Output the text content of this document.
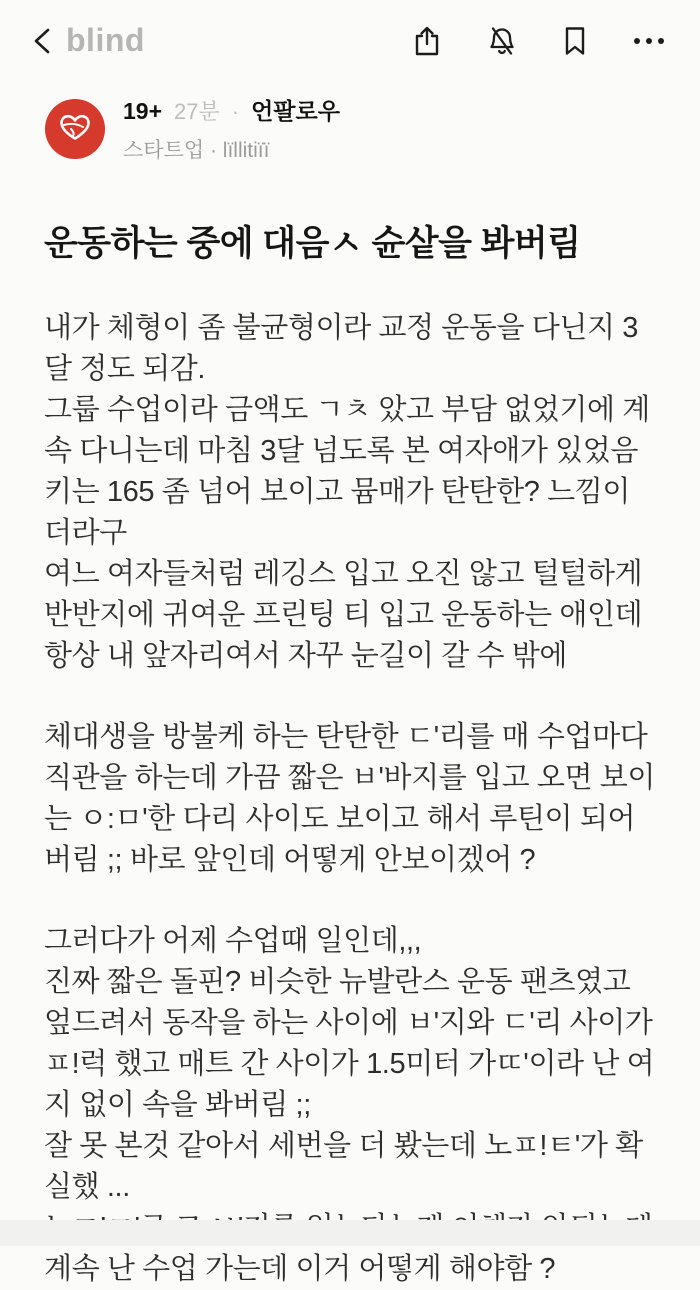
blind
19+ 27분 · 언팔로우
스타트업 · lïllitiïï
운동하는 중에 대음ㅅ 슌샅을 봐버림
내가 체형이 좀 불균형이라 교정 운동을 다닌지 3달 정도 되감.
그룹 수업이라 금액도 ㄱㅊ 았고 부담 없었기에 계속 다니는데 마침 3달 넘도록 본 여자애가 있었음
키는 165 좀 넘어 보이고 뮴매가 탄탄한? 느낌이더라구
여느 여자들처럼 레깅스 입고 오진 않고 털털하게 반반지에 귀여운 프린팅 티 입고 운동하는 애인데 항상 내 앞자리여서 자꾸 눈길이 갈 수 밖에
체대생을 방불케 하는 탄탄한 ㄷ'리를 매 수업마다 직관을 하는데 가끔 짧은 ㅂ'바지를 입고 오면 보이는 ㅇ:ㅁ'한 다리 사이도 보이고 해서 루틴이 되어버림 ;; 바로 앞인데 어떻게 안보이겠어 ?
그러다가 어제 수업때 일인데,,,
진짜 짧은 돌핀? 비슷한 뉴발란스 운동 팬츠였고 엎드려서 동작을 하는 사이에 ㅂ'지와 ㄷ'리 사이가 ㅍ!럭 했고 매트 간 사이가 1.5미터 가ㄸ'이라 난 여지 없이 속을 봐버림 ;;
잘 못 본것 같아서 세번을 더 봤는데 노ㅍ!ㅌ'가 확실했 ...

계속 난 수업 가는데 이거 어떻게 해야함 ?
